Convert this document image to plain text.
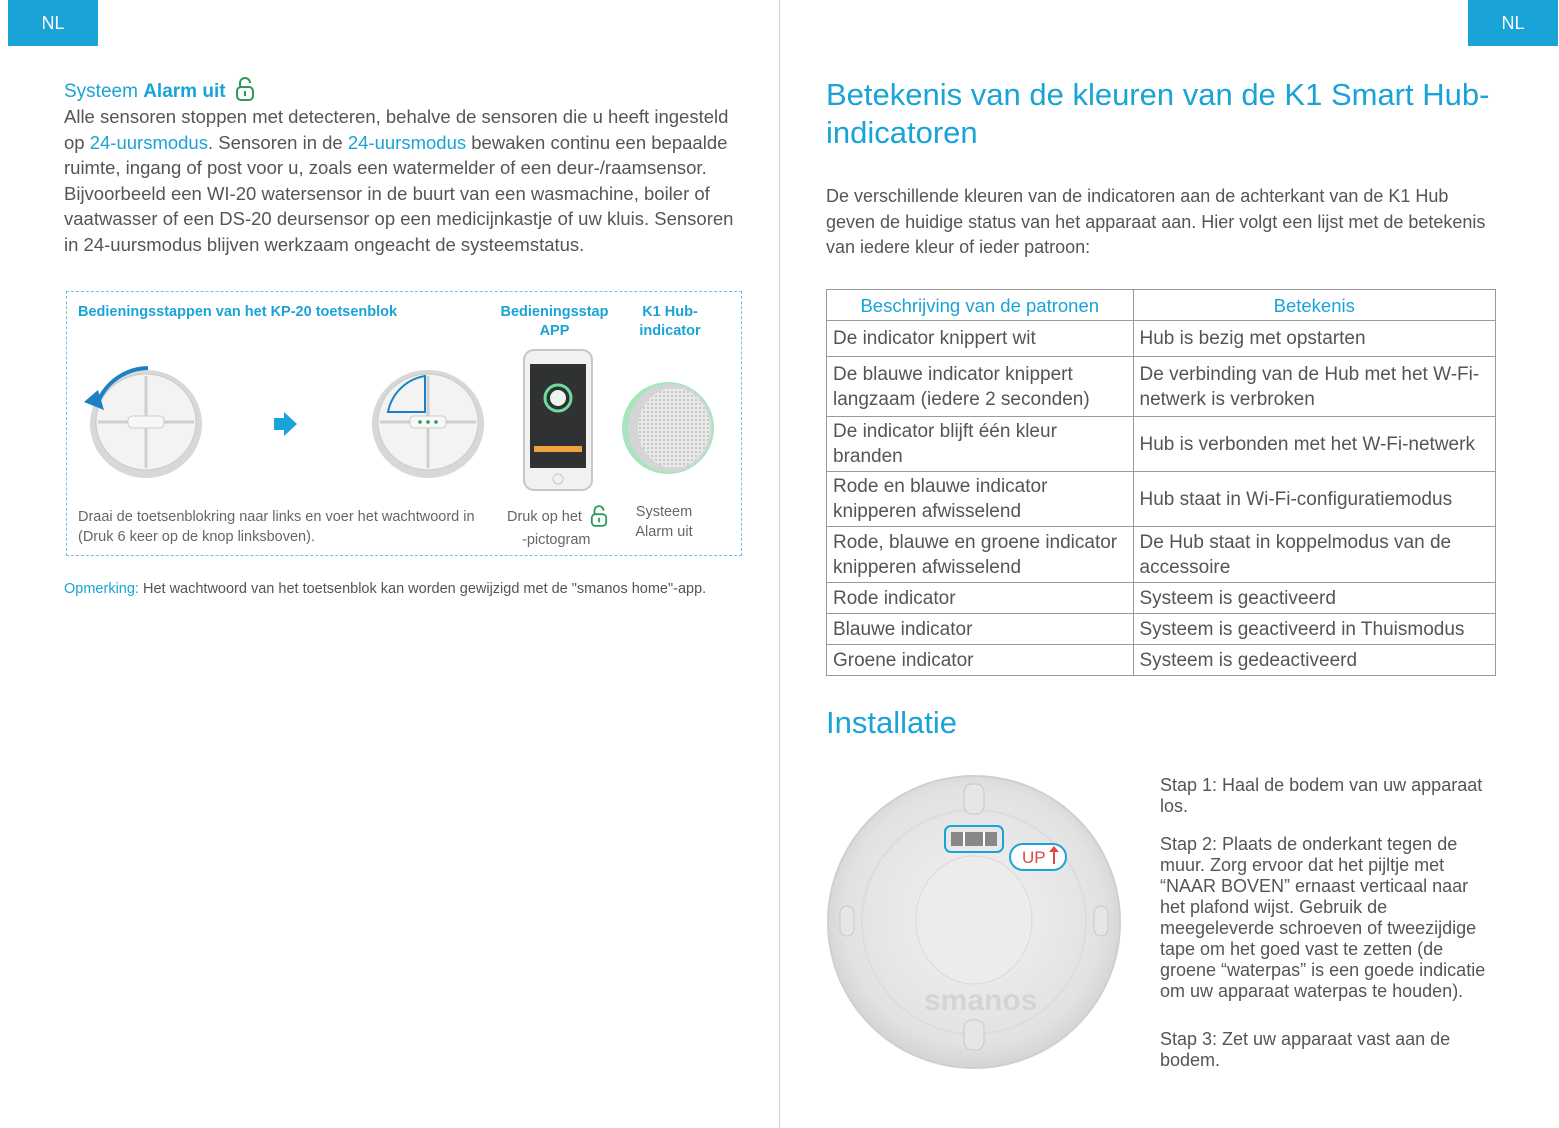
NL	NL
Systeem Alarm uit
Alle sensoren stoppen met detecteren, behalve de sensoren die u heeft ingesteld op 24-uursmodus. Sensoren in de 24-uursmodus bewaken continu een bepaalde ruimte, ingang of post voor u, zoals een watermelder of een deur-/raamsensor. Bijvoorbeeld een WI-20 watersensor in de buurt van een wasmachine, boiler of vaatwasser of een DS-20 deursensor op een medicijnkastje of uw kluis. Sensoren in 24-uursmodus blijven werkzaam ongeacht de systeemstatus.
Bedieningsstappen van het KP-20 toetsenblok	Bedieningsstap APP
K1 Hub-indicator
Draai de toetsenblokring naar links en voer het wachtwoord in (Druk 6 keer op de knop linksboven).
Druk op het
-pictogram
Systeem Alarm uit
Opmerking: Het wachtwoord van het toetsenblok kan worden gewijzigd met de "smanos home"-app.
Betekenis van de kleuren van de K1 Smart Hub-indicatoren
De verschillende kleuren van de indicatoren aan de achterkant van de K1 Hub geven de huidige status van het apparaat aan. Hier volgt een lijst met de betekenis van iedere kleur of ieder patroon:
Beschrijving van de patronen	Betekenis
De indicator knippert wit	Hub is bezig met opstarten
De blauwe indicator knippert langzaam (iedere 2 seconden)	De verbinding van de Hub met het W-Fi-netwerk is verbroken
De indicator blijft één kleur branden	Hub is verbonden met het W-Fi-netwerk
Rode en blauwe indicator knipperen afwisselend	Hub staat in Wi-Fi-configuratiemodus
Rode, blauwe en groene indicator knipperen afwisselend	De Hub staat in koppelmodus van de accessoire
Rode indicator	Systeem is geactiveerd
Blauwe indicator	Systeem is geactiveerd in Thuismodus
Groene indicator	Systeem is gedeactiveerd
Installatie
UP
smanos
Stap 1: Haal de bodem van uw apparaat los.
Stap 2: Plaats de onderkant tegen de muur. Zorg ervoor dat het pijltje met “NAAR BOVEN” ernaast verticaal naar het plafond wijst. Gebruik de meegeleverde schroeven of tweezijdige tape om het goed vast te zetten (de groene “waterpas” is een goede indicatie om uw apparaat waterpas te houden).
Stap 3: Zet uw apparaat vast aan de bodem.
